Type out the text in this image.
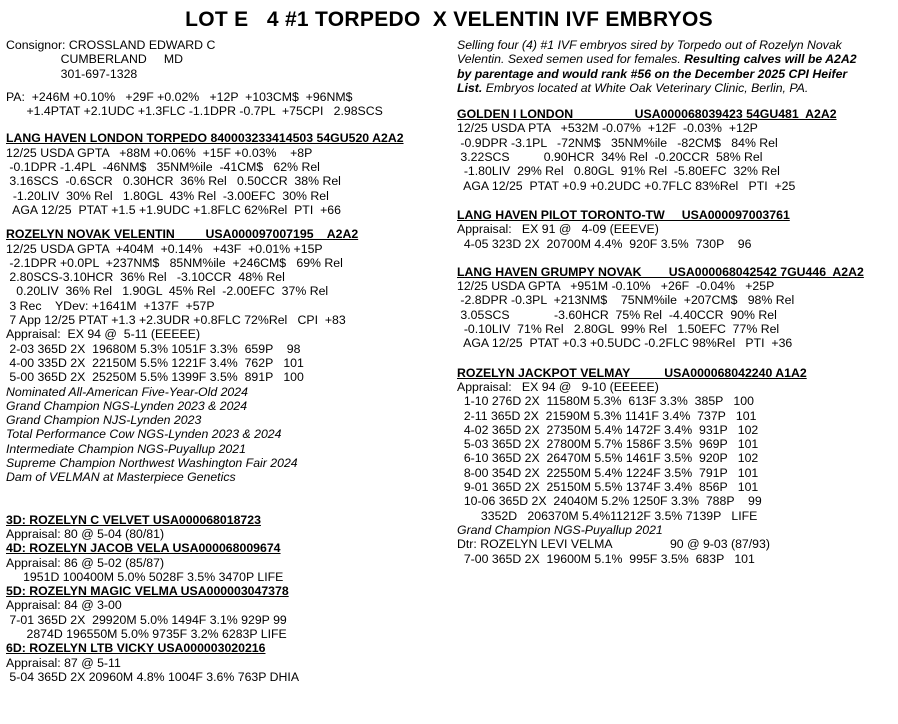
LOT E   4 #1 TORPEDO  X VELENTIN IVF EMBRYOS
Consignor: CROSSLAND EDWARD C
CUMBERLAND     MD
301-697-1328
PA:  +246M +0.10%   +29F +0.02%   +12P  +103CM$  +96NM$
+1.4PTAT +2.1UDC +1.3FLC -1.1DPR -0.7PL  +75CPI   2.98SCS
LANG HAVEN LONDON TORPEDO 840003233414503 54GU520 A2A2
12/25 USDA GPTA   +88M +0.06%  +15F +0.03%    +8P
-0.1DPR -1.4PL  -46NM$   35NM%ile  -41CM$   62% Rel
3.16SCS  -0.6SCR   0.30HCR  36% Rel   0.50CCR  38% Rel
-1.20LIV  30% Rel   1.80GL  43% Rel  -3.00EFC  30% Rel
AGA 12/25  PTAT +1.5 +1.9UDC +1.8FLC 62%Rel  PTI  +66
ROZELYN NOVAK VELENTIN         USA000097007195    A2A2
12/25 USDA GPTA  +404M  +0.14%   +43F  +0.01% +15P
-2.1DPR +0.0PL  +237NM$   85NM%ile  +246CM$   69% Rel
2.80SCS-3.10HCR  36% Rel   -3.10CCR  48% Rel
0.20LIV  36% Rel   1.90GL  45% Rel  -2.00EFC  37% Rel
3 Rec    YDev: +1641M  +137F  +57P
7 App 12/25 PTAT +1.3 +2.3UDR +0.8FLC 72%Rel   CPI  +83
Appraisal:  EX 94 @  5-11 (EEEEE)
2-03 365D 2X  19680M 5.3% 1051F 3.3%  659P    98
4-00 335D 2X  22150M 5.5% 1221F 3.4%  762P   101
5-00 365D 2X  25250M 5.5% 1399F 3.5%  891P   100
Nominated All-American Five-Year-Old 2024
Grand Champion NGS-Lynden 2023 & 2024
Grand Champion NJS-Lynden 2023
Total Performance Cow NGS-Lynden 2023 & 2024
Intermediate Champion NGS-Puyallup 2021
Supreme Champion Northwest Washington Fair 2024
Dam of VELMAN at Masterpiece Genetics
3D: ROZELYN C VELVET USA000068018723
Appraisal: 80 @ 5-04 (80/81)
4D: ROZELYN JACOB VELA USA000068009674
Appraisal: 86 @ 5-02 (85/87)
1951D 100400M 5.0% 5028F 3.5% 3470P LIFE
5D: ROZELYN MAGIC VELMA USA000003047378
Appraisal: 84 @ 3-00
7-01 365D 2X  29920M 5.0% 1494F 3.1% 929P 99
2874D 196550M 5.0% 9735F 3.2% 6283P LIFE
6D: ROZELYN LTB VICKY USA000003020216
Appraisal: 87 @ 5-11
5-04 365D 2X 20960M 4.8% 1004F 3.6% 763P DHIA
Selling four (4) #1 IVF embryos sired by Torpedo out of Rozelyn Novak
Velentin. Sexed semen used for females. Resulting calves will be A2A2
by parentage and would rank #56 on the December 2025 CPI Heifer
List. Embryos located at White Oak Veterinary Clinic, Berlin, PA.
GOLDEN I LONDON                  USA000068039423 54GU481  A2A2
12/25 USDA PTA   +532M -0.07%  +12F  -0.03%  +12P
-0.9DPR -3.1PL   -72NM$   35NM%ile   -82CM$   84% Rel
3.22SCS          0.90HCR  34% Rel  -0.20CCR  58% Rel
-1.80LIV  29% Rel   0.80GL  91% Rel  -5.80EFC  32% Rel
AGA 12/25  PTAT +0.9 +0.2UDC +0.7FLC 83%Rel   PTI  +25
LANG HAVEN PILOT TORONTO-TW     USA000097003761
Appraisal:   EX 91 @   4-09 (EEEVE)
4-05 323D 2X  20700M 4.4%  920F 3.5%  730P    96
LANG HAVEN GRUMPY NOVAK        USA000068042542 7GU446  A2A2
12/25 USDA GPTA   +951M -0.10%   +26F  -0.04%   +25P
-2.8DPR -0.3PL  +213NM$    75NM%ile  +207CM$   98% Rel
3.05SCS             -3.60HCR  75% Rel  -4.40CCR  90% Rel
-0.10LIV  71% Rel   2.80GL  99% Rel   1.50EFC  77% Rel
AGA 12/25  PTAT +0.3 +0.5UDC -0.2FLC 98%Rel   PTI  +36
ROZELYN JACKPOT VELMAY          USA000068042240 A1A2
Appraisal:   EX 94 @   9-10 (EEEEE)
1-10 276D 2X  11580M 5.3%  613F 3.3%  385P   100
2-11 365D 2X  21590M 5.3% 1141F 3.4%  737P   101
4-02 365D 2X  27350M 5.4% 1472F 3.4%  931P   102
5-03 365D 2X  27800M 5.7% 1586F 3.5%  969P   101
6-10 365D 2X  26470M 5.5% 1461F 3.5%  920P   102
8-00 354D 2X  22550M 5.4% 1224F 3.5%  791P   101
9-01 365D 2X  25150M 5.5% 1374F 3.4%  856P   101
10-06 365D 2X  24040M 5.2% 1250F 3.3%  788P    99
3352D   206370M 5.4%11212F 3.5% 7139P   LIFE
Grand Champion NGS-Puyallup 2021
Dtr: ROZELYN LEVI VELMA                 90 @ 9-03 (87/93)
7-00 365D 2X  19600M 5.1%  995F 3.5%  683P   101
